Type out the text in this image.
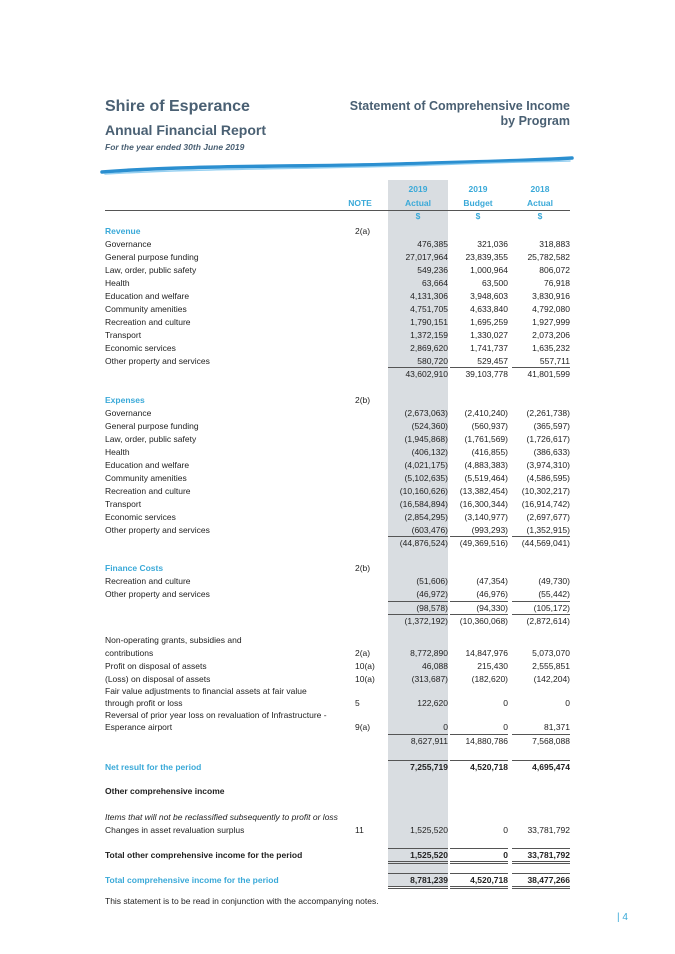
Shire of Esperance
Annual Financial Report
For the year ended 30th June 2019
Statement of Comprehensive Income
by Program
2019	2019	2018
NOTE	Actual	Budget	Actual
$	$	$
Revenue	2(a)
Governance	476,385	321,036	318,883
General purpose funding	27,017,964 23,839,355 25,782,582
Law, order, public safety	549,236	1,000,964	806,072
Health	63,664	63,500	76,918
Education and welfare	4,131,306	3,948,603	3,830,916
Community amenities	4,751,705	4,633,840	4,792,080
Recreation and culture	1,790,151	1,695,259	1,927,999
Transport	1,372,159	1,330,027	2,073,206
Economic services	2,869,620	1,741,737	1,635,232
Other property and services	580,720	529,457	557,711
43,602,910 39,103,778 41,801,599
Expenses	2(b)
Governance	(2,673,063) (2,410,240) (2,261,738)
General purpose funding	(524,360)	(560,937)	(365,597)
Law, order, public safety	(1,945,868) (1,761,569) (1,726,617)
Health	(406,132)	(416,855)	(386,633)
Education and welfare	(4,021,175) (4,883,383) (3,974,310)
Community amenities	(5,102,635) (5,519,464) (4,586,595)
Recreation and culture	(10,160,626) (13,382,454) (10,302,217)
Transport	(16,584,894) (16,300,344) (16,914,742)
Economic services	(2,854,295) (3,140,977) (2,697,677)
Other property and services	(603,476)	(993,293) (1,352,915)
(44,876,524) (49,369,516) (44,569,041)
Finance Costs	2(b)
Recreation and culture	(51,606)	(47,354)	(49,730)
Other property and services	(46,972)	(46,976)	(55,442)
(98,578)	(94,330)	(105,172)
(1,372,192) (10,360,068) (2,872,614)
Non-operating grants, subsidies and
contributions	2(a)	8,772,890 14,847,976	5,073,070
Profit on disposal of assets	10(a)	46,088	215,430	2,555,851
(Loss) on disposal of assets	10(a)	(313,687)	(182,620)	(142,204)
Fair value adjustments to financial assets at fair value
through profit or loss	5	122,620	0	0
Reversal of prior year loss on revaluation of Infrastructure -
Esperance airport	9(a)	0	0	81,371
8,627,911 14,880,786	7,568,088
Net result for the period	7,255,719	4,520,718	4,695,474
Other comprehensive income
Items that will not be reclassified subsequently to profit or loss
Changes in asset revaluation surplus	11	1,525,520	0 33,781,792
Total other comprehensive income for the period	1,525,520	0 33,781,792
Total comprehensive income for the period	8,781,239	4,520,718 38,477,266
This statement is to be read in conjunction with the accompanying notes.
| 4
